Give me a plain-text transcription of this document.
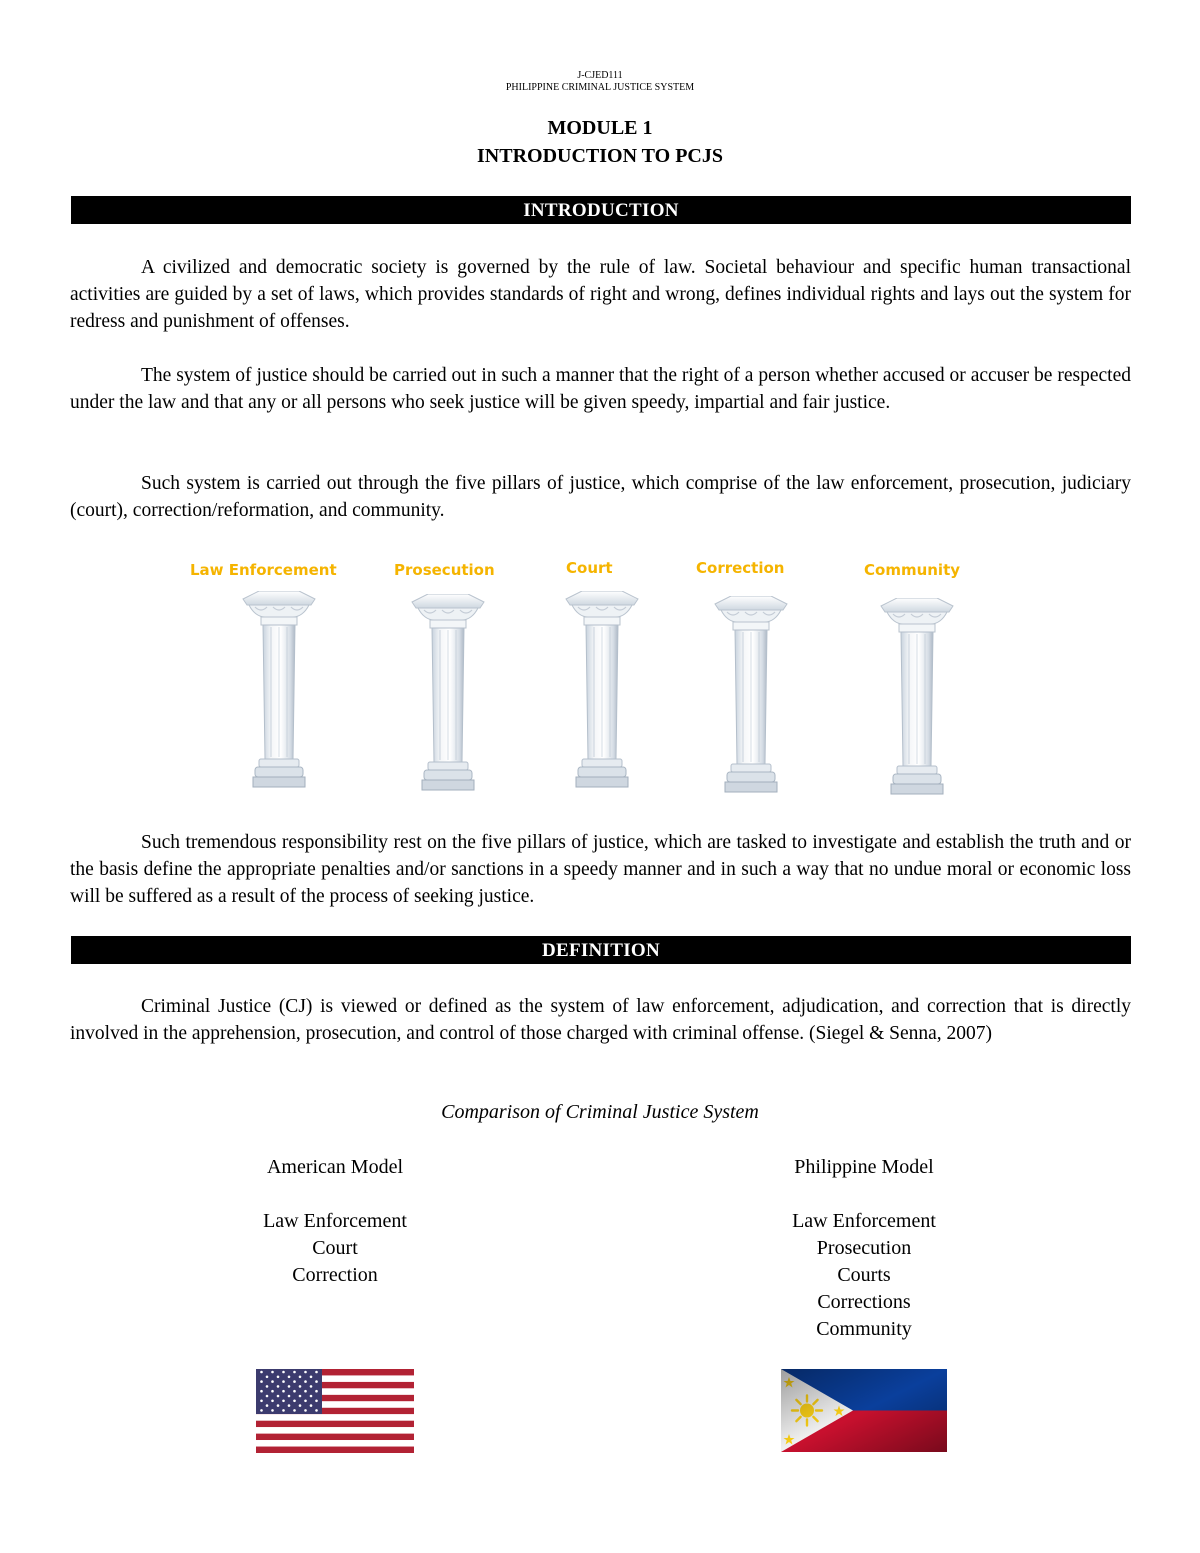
J-CJED111
PHILIPPINE CRIMINAL JUSTICE SYSTEM
MODULE 1
INTRODUCTION TO PCJS
INTRODUCTION

A civilized and democratic society is governed by the rule of law. Societal behaviour and specific human transactional activities are guided by a set of laws, which provides standards of right and wrong, defines individual rights and lays out the system for redress and punishment of offenses.

The system of justice should be carried out in such a manner that the right of a person whether accused or accuser be respected under the law and that any or all persons who seek justice will be given speedy, impartial and fair justice.

Such system is carried out through the five pillars of justice, which comprise of the law enforcement, prosecution, judiciary (court), correction/reformation, and community.

Law Enforcement	Prosecution	Court	Correction	Community

Such tremendous responsibility rest on the five pillars of justice, which are tasked to investigate and establish the truth and or the basis define the appropriate penalties and/or sanctions in a speedy manner and in such a way that no undue moral or economic loss will be suffered as a result of the process of seeking justice.

DEFINITION

Criminal Justice (CJ) is viewed or defined as the system of law enforcement, adjudication, and correction that is directly involved in the apprehension, prosecution, and control of those charged with criminal offense. (Siegel & Senna, 2007)

Comparison of Criminal Justice System
American Model
Law Enforcement
Court
Correction
Philippine Model
Law Enforcement
Prosecution
Courts
Corrections
Community
